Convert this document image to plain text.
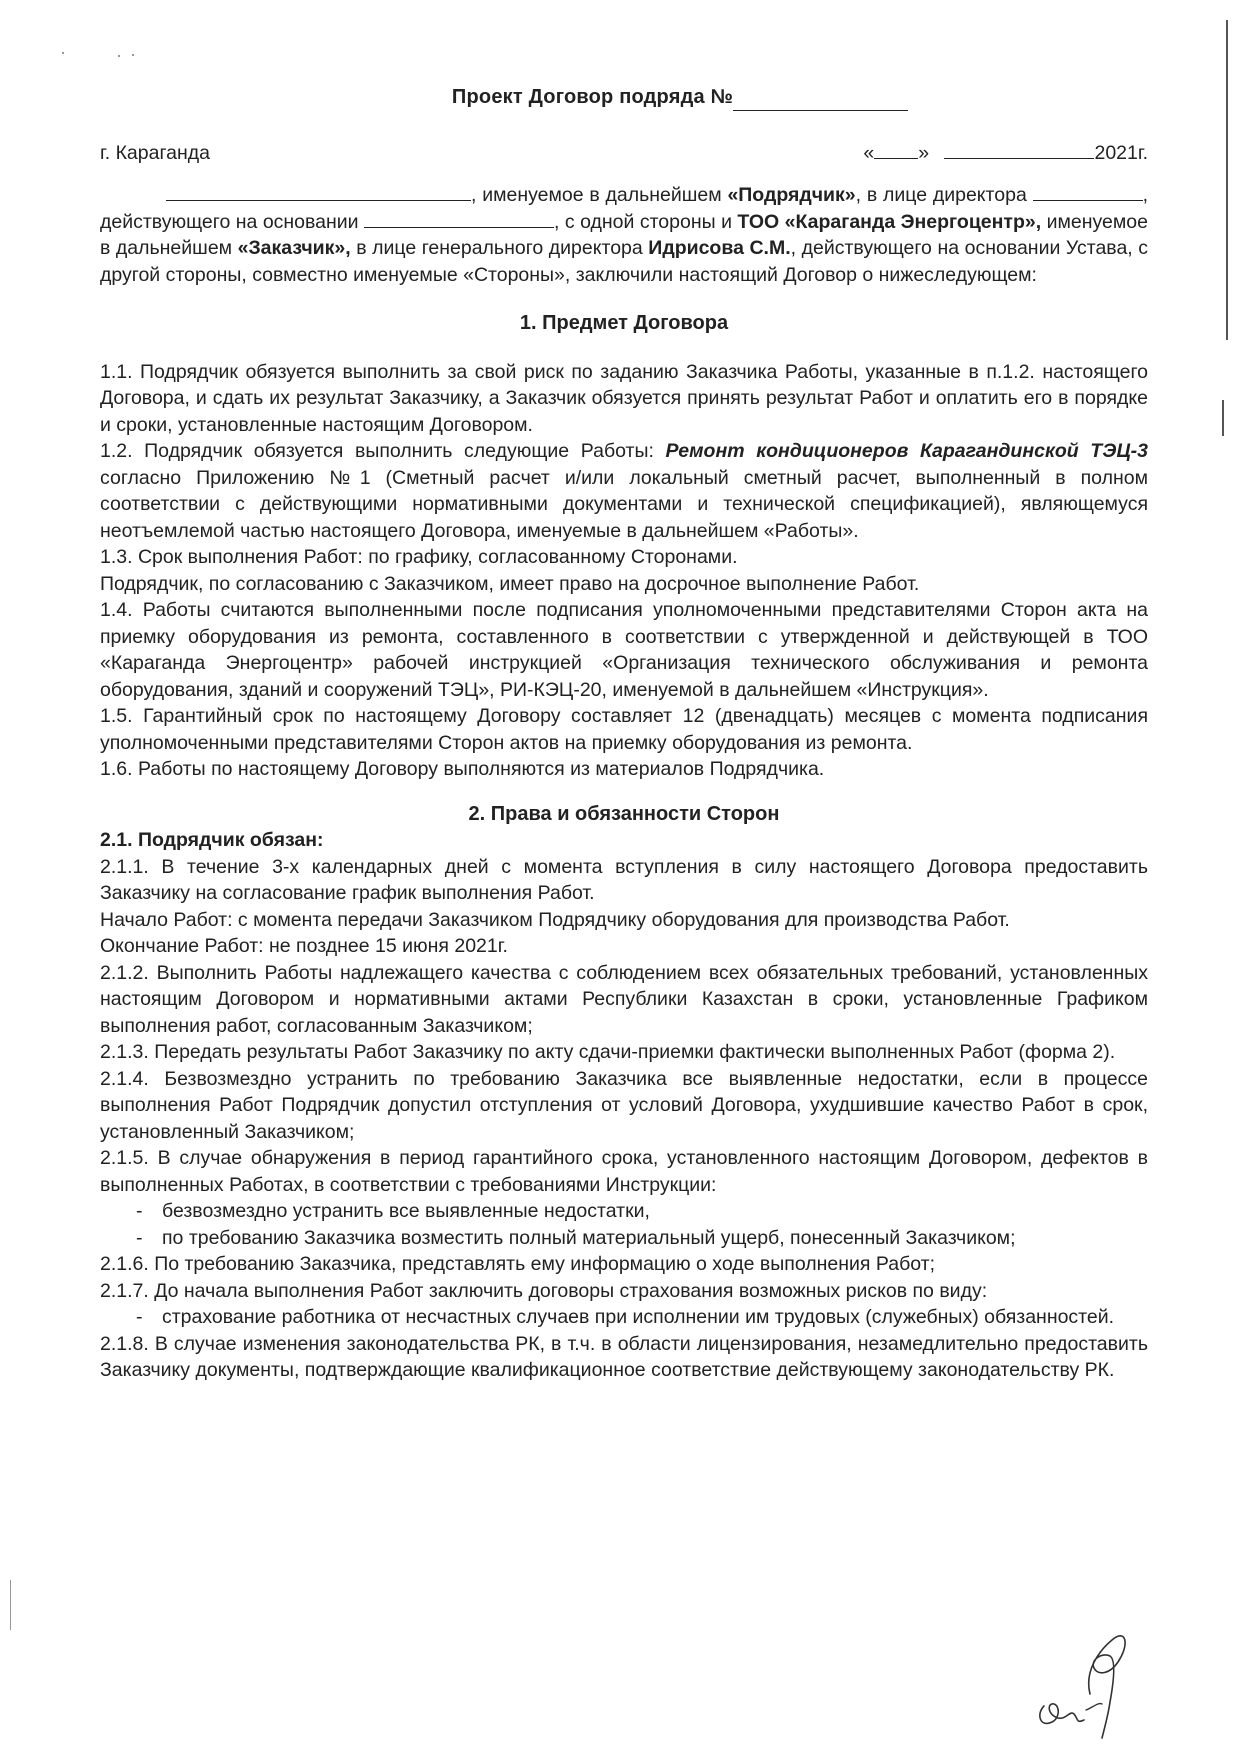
Проект Договор подряда №
г. Караганда	« »	2021г.

, именуемое в дальнейшем «Подрядчик», в лице директора	, действующего на основании	, с одной стороны и ТОО «Караганда Энергоцентр», именуемое в дальнейшем «Заказчик», в лице генерального директора Идрисова С.М., действующего на основании Устава, с другой стороны, совместно именуемые «Стороны», заключили настоящий Договор о нижеследующем:

1. Предмет Договора

1.1. Подрядчик обязуется выполнить за свой риск по заданию Заказчика Работы, указанные в п.1.2. настоящего Договора, и сдать их результат Заказчику, а Заказчик обязуется принять результат Работ и оплатить его в порядке и сроки, установленные настоящим Договором.

1.2. Подрядчик обязуется выполнить следующие Работы: Ремонт кондиционеров Карагандинской ТЭЦ-3 согласно Приложению №1 (Сметный расчет и/или локальный сметный расчет, выполненный в полном соответствии с действующими нормативными документами и технической спецификацией), являющемуся неотъемлемой частью настоящего Договора, именуемые в дальнейшем «Работы».

1.3. Срок выполнения Работ: по графику, согласованному Сторонами.

Подрядчик, по согласованию с Заказчиком, имеет право на досрочное выполнение Работ.

1.4. Работы считаются выполненными после подписания уполномоченными представителями Сторон акта на приемку оборудования из ремонта, составленного в соответствии с утвержденной и действующей в ТОО «Караганда Энергоцентр» рабочей инструкцией «Организация технического обслуживания и ремонта оборудования, зданий и сооружений ТЭЦ», РИ-КЭЦ-20, именуемой в дальнейшем «Инструкция».

1.5. Гарантийный срок по настоящему Договору составляет 12 (двенадцать) месяцев с момента подписания уполномоченными представителями Сторон актов на приемку оборудования из ремонта.

1.6. Работы по настоящему Договору выполняются из материалов Подрядчика.

2. Права и обязанности Сторон

2.1. Подрядчик обязан:

2.1.1. В течение 3-х календарных дней с момента вступления в силу настоящего Договора предоставить Заказчику на согласование график выполнения Работ.

Начало Работ: с момента передачи Заказчиком Подрядчику оборудования для производства Работ.

Окончание Работ: не позднее 15 июня 2021г.

2.1.2. Выполнить Работы надлежащего качества с соблюдением всех обязательных требований, установленных настоящим Договором и нормативными актами Республики Казахстан в сроки, установленные Графиком выполнения работ, согласованным Заказчиком;

2.1.3. Передать результаты Работ Заказчику по акту сдачи-приемки фактически выполненных Работ (форма 2).

2.1.4. Безвозмездно устранить по требованию Заказчика все выявленные недостатки, если в процессе выполнения Работ Подрядчик допустил отступления от условий Договора, ухудшившие качество Работ в срок, установленный Заказчиком;

2.1.5. В случае обнаружения в период гарантийного срока, установленного настоящим Договором, дефектов в выполненных Работах, в соответствии с требованиями Инструкции:

- безвозмездно устранить все выявленные недостатки,

- по требованию Заказчика возместить полный материальный ущерб, понесенный Заказчиком;

2.1.6. По требованию Заказчика, представлять ему информацию о ходе выполнения Работ;

2.1.7. До начала выполнения Работ заключить договоры страхования возможных рисков по виду:

- страхование работника от несчастных случаев при исполнении им трудовых (служебных) обязанностей.

2.1.8. В случае изменения законодательства РК, в т.ч. в области лицензирования, незамедлительно предоставить Заказчику документы, подтверждающие квалификационное соответствие действующему законодательству РК.
